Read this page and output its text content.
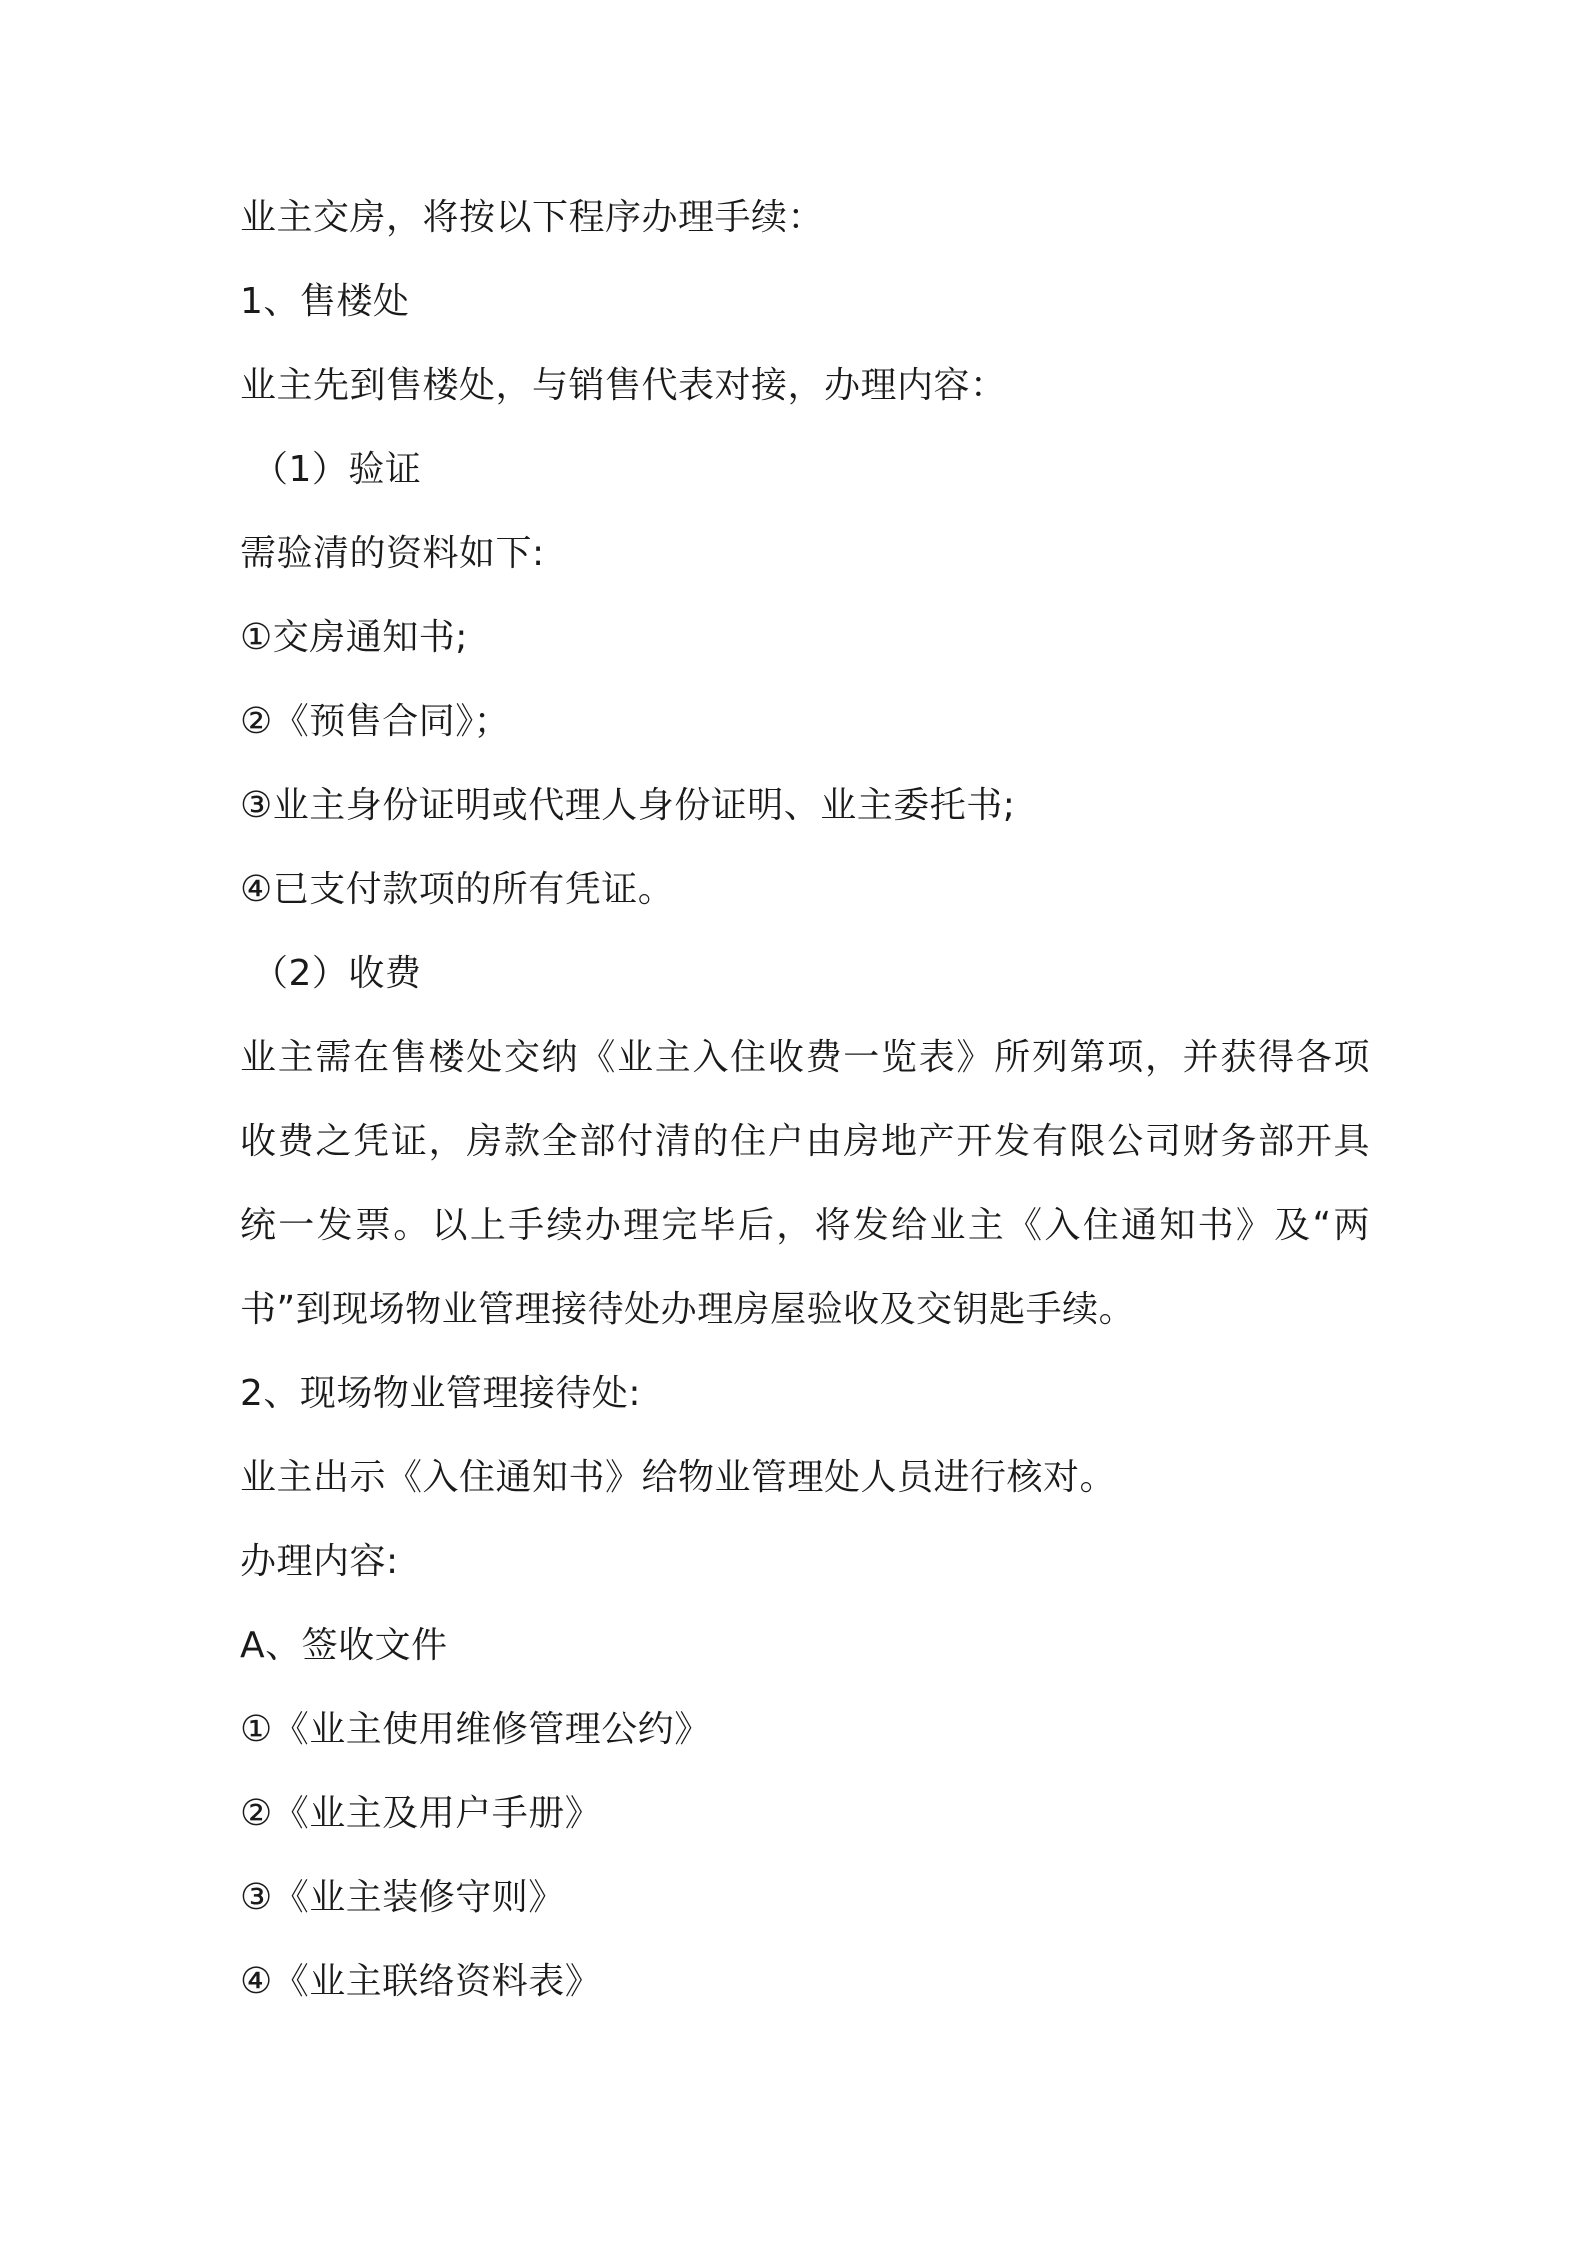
业主交房，将按以下程序办理手续：
1、售楼处
业主先到售楼处，与销售代表对接，办理内容：
（1）验证
需验清的资料如下:
①交房通知书;
②《预售合同》；
③业主身份证明或代理人身份证明、业主委托书;
④已支付款项的所有凭证。
（2）收费
业主需在售楼处交纳《业主入住收费一览表》所列第项，并获得各项收费之凭证，房款全部付清的住户由房地产开发有限公司财务部开具统一发票。以上手续办理完毕后，将发给业主《入住通知书》及“两书”到现场物业管理接待处办理房屋验收及交钥匙手续。
2、现场物业管理接待处:
业主出示《入住通知书》给物业管理处人员进行核对。
办理内容:
A、签收文件
①《业主使用维修管理公约》
②《业主及用户手册》
③《业主装修守则》
④《业主联络资料表》
